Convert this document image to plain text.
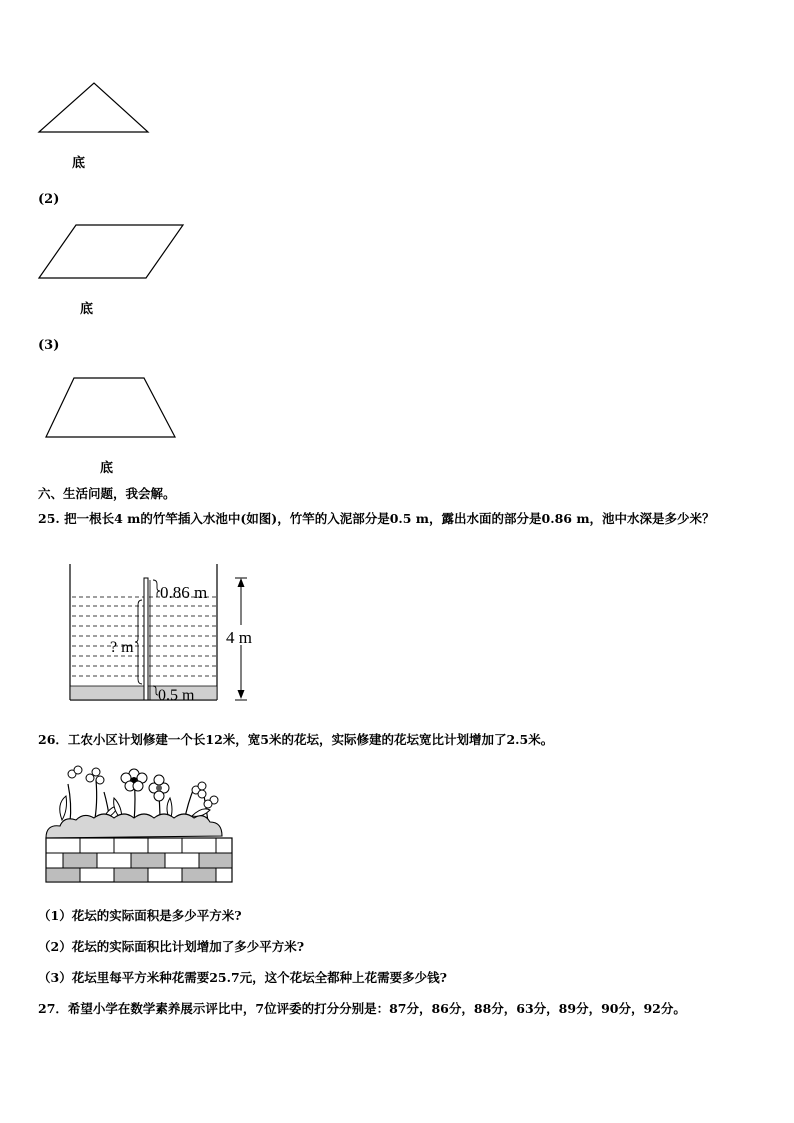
底
(2)
底
(3)
底
六、生活问题，我会解。
25. 把一根长4 m的竹竿插入水池中(如图)，竹竿的入泥部分是0.5 m，露出水面的部分是0.86 m，池中水深是多少米？
0.86 m
4 m
? m
0.5 m
26．工农小区计划修建一个长12米，宽5米的花坛，实际修建的花坛宽比计划增加了2.5米。
（1）花坛的实际面积是多少平方米?
（2）花坛的实际面积比计划增加了多少平方米?
（3）花坛里每平方米种花需要25.7元，这个花坛全都种上花需要多少钱?
27．希望小学在数学素养展示评比中，7位评委的打分分别是：87分，86分，88分，63分，89分，90分，92分。
